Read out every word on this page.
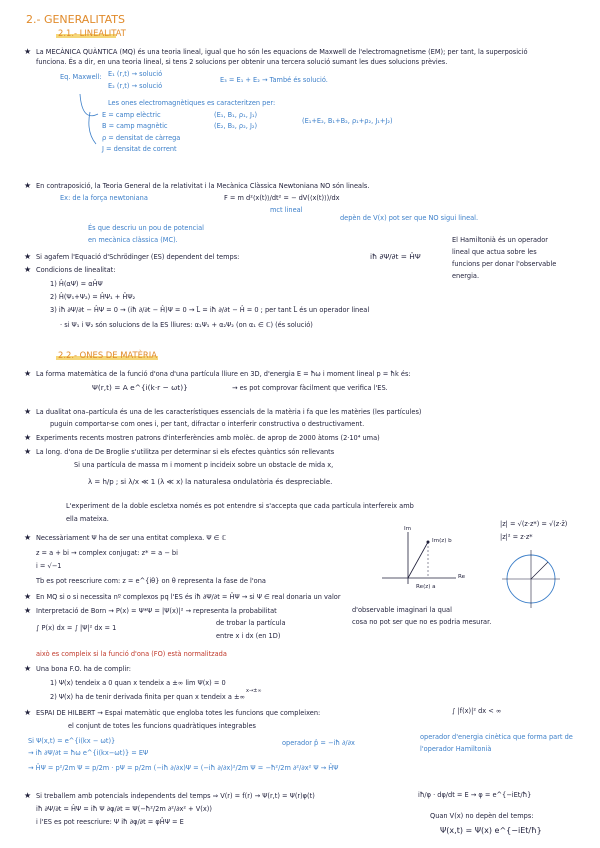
2.- GENERALITATS
2.1.- LINEALITAT
★ La MECÀNICA QUÀNTICA (MQ) és una teoria lineal, igual que ho són les equacions de Maxwell de l'electromagnetisme (EM); per tant, la superposició
funciona. És a dir, en una teoria lineal, si tens 2 solucions per obtenir una tercera solució sumant les dues solucions prèvies.
Eq. Maxwell: E₁ (r,t) → solució
E₂ (r,t) → solució
E₃ = E₁ + E₂ → També és solució.
Les ones electromagnètiques es caracteritzen per:
E = camp elèctric
B = camp magnètic
ρ = densitat de càrrega
J = densitat de corrent
(E₁, B₁, ρ₁, J₁)
(E₂, B₂, ρ₂, J₂)
(E₁+E₂, B₁+B₂, ρ₁+ρ₂, J₁+J₂)
★ En contraposició, la Teoria General de la relativitat i la Mecànica Clàssica Newtoniana NO són lineals.
Ex: de la força newtoniana	F = m d²⟨x(t)⟩/dt² = − dV(⟨x(t)⟩)/dx
mct lineal
depèn de V(x) pot ser que NO sigui lineal.
És que descriu un pou de potencial
en mecànica clàssica (MC).
★ Si agafem l'Equació d'Schrödinger (ES) dependent del temps:	iħ ∂Ψ/∂t = ĤΨ
El Hamiltonià és un operador
lineal que actua sobre les
funcions per donar l'observable
energia.
★ Condicions de linealitat:
1) Ĥ(αΨ) = αĤΨ
2) Ĥ(Ψ₁+Ψ₂) = ĤΨ₁ + ĤΨ₂
3) iħ ∂Ψ/∂t − ĤΨ = 0 → (iħ ∂/∂t − Ĥ)Ψ = 0 → L̂ = iħ ∂/∂t − Ĥ = 0 ; per tant L̂ és un operador lineal
· si Ψ₁ i Ψ₂ són solucions de la ES lliures: α₁Ψ₁ + α₂Ψ₂ (on α₁ ∈ ℂ) (és solució)
2.2.- ONES DE MATÈRIA
★ La forma matemàtica de la funció d'ona d'una partícula lliure en 3D, d'energia E = ħω i moment lineal p = ħk és:
Ψ(r,t) = A e^{i(k·r − ωt)}	→ es pot comprovar fàcilment que verifica l'ES.
★ La dualitat ona–partícula és una de les característiques essencials de la matèria i fa que les matèries (les partícules)
puguin comportar-se com ones i, per tant, difractar o interferir constructiva o destructivament.
★ Experiments recents mostren patrons d'interferències amb molèc. de aprop de 2000 àtoms (2·10⁴ uma)
★ La long. d'ona de De Broglie s'utilitza per determinar si els efectes quàntics són rellevants
Si una partícula de massa m i moment p incideix sobre un obstacle de mida x,
λ = h/p ; si λ/x ≪ 1 (λ ≪ x) la naturalesa ondulatòria és despreciable.
L'experiment de la doble escletxa només es pot entendre si s'accepta que cada partícula interfereix amb
ella mateixa.
|z| = √(z·z*) = √(z·z̄)
|z|² = z·z*
★ Necessàriament Ψ ha de ser una entitat complexa. Ψ ∈ ℂ
z = a + bi → complex conjugat: z* = a − bi
i = √−1
Tb es pot reescriure com: z = e^{iθ} on θ representa la fase de l'ona
Im
Re
Im(z) b
Re(z) a
★ En MQ si o si necessita nº complexos pq l'ES és iħ ∂Ψ/∂t = ĤΨ → si Ψ ∈ real donaria un valor
d'observable imaginari la qual
cosa no pot ser que no es podria mesurar.
★ Interpretació de Born → P(x) = Ψ*Ψ = |Ψ(x)|² → representa la probabilitat
de trobar la partícula
entre x i dx (en 1D)
∫ P(x) dx = ∫ |Ψ|² dx = 1
això es compleix si la funció d'ona (FO) està normalitzada
★ Una bona F.O. ha de complir:
1) Ψ(x) tendeix a 0 quan x tendeix a ±∞ lim Ψ(x) = 0
x→±∞
2) Ψ(x) ha de tenir derivada finita per quan x tendeix a ±∞
★ ESPAI DE HILBERT → Espai matemàtic que engloba totes les funcions que compleixen:	∫ |f(x)|² dx < ∞
el conjunt de totes les funcions quadràtiques integrables
Si Ψ(x,t) = e^{i(kx − ωt)}	operador p̂ = −iħ ∂/∂x
operador d'energia cinètica que forma part de
l'operador Hamiltonià
→ iħ ∂Ψ/∂t = ħω e^{i(kx−ωt)} = EΨ
→ ĤΨ = p²/2m Ψ = p/2m · pΨ = p/2m (−iħ ∂/∂x)Ψ = (−iħ ∂/∂x)²/2m Ψ = −ħ²/2m ∂²/∂x² Ψ → ĤΨ
★ Si treballem amb potencials independents del temps ⇒ V(r) = f(r) → Ψ(r,t) = Ψ(r)φ(t)
iħ ∂Ψ/∂t = ĤΨ = iħ Ψ ∂φ/∂t = Ψ(−ħ²/2m ∂²/∂x² + V(x))
i l'ES es pot reescriure: Ψ iħ ∂φ/∂t = φĤΨ = E
iħ/φ · dφ/dt = E → φ = e^{−iEt/ħ}
Quan V(x) no depèn del temps:
Ψ(x,t) = Ψ(x) e^{−iEt/ħ}
